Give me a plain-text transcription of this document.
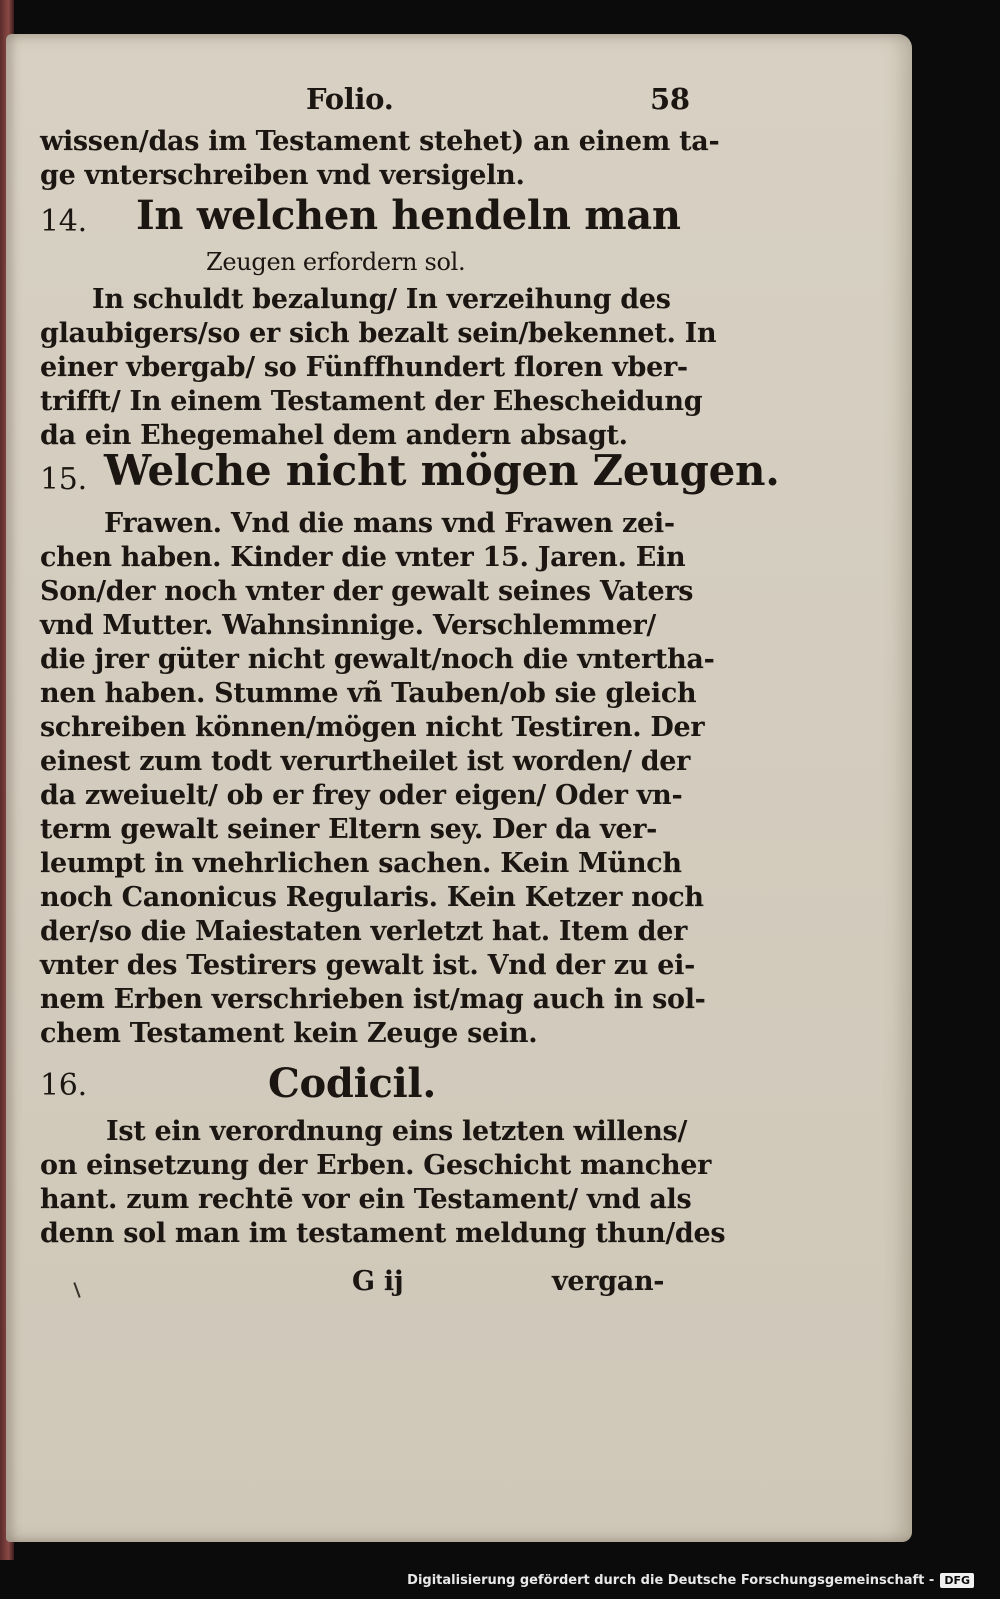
Folio.	58
14. In welchen hendeln man
Zeugen erfordern sol.
15. Welche nicht mögen Zeugen.
16.	Codicil.
G ij	vergan-
wissen/das im Testament stehet) an einem ta-
ge vnterschreiben vnd versigeln.
In schuldt bezalung/ In verzeihung des
glaubigers/so er sich bezalt sein/bekennet. In
einer vbergab/ so Fünffhundert floren vber-
trifft/ In einem Testament der Ehescheidung
da ein Ehegemahel dem andern absagt.
Frawen. Vnd die mans vnd Frawen zei-
chen haben. Kinder die vnter 15. Jaren. Ein
Son/der noch vnter der gewalt seines Vaters
vnd Mutter. Wahnsinnige. Verschlemmer/
die jrer güter nicht gewalt/noch die vntertha-
nen haben. Stumme vñ Tauben/ob sie gleich
schreiben können/mögen nicht Testiren. Der
einest zum todt verurtheilet ist worden/ der
da zweiuelt/ ob er frey oder eigen/ Oder vn-
term gewalt seiner Eltern sey. Der da ver-
leumpt in vnehrlichen sachen. Kein Münch
noch Canonicus Regularis. Kein Ketzer noch
der/so die Maiestaten verletzt hat. Item der
vnter des Testirers gewalt ist. Vnd der zu ei-
nem Erben verschrieben ist/mag auch in sol-
chem Testament kein Zeuge sein.
Ist ein verordnung eins letzten willens/
on einsetzung der Erben. Geschicht mancher
hant. zum rechtē vor ein Testament/ vnd als
denn sol man im testament meldung thun/des
Digitalisierung gefördert durch die Deutsche Forschungsgemeinschaft - DFG
